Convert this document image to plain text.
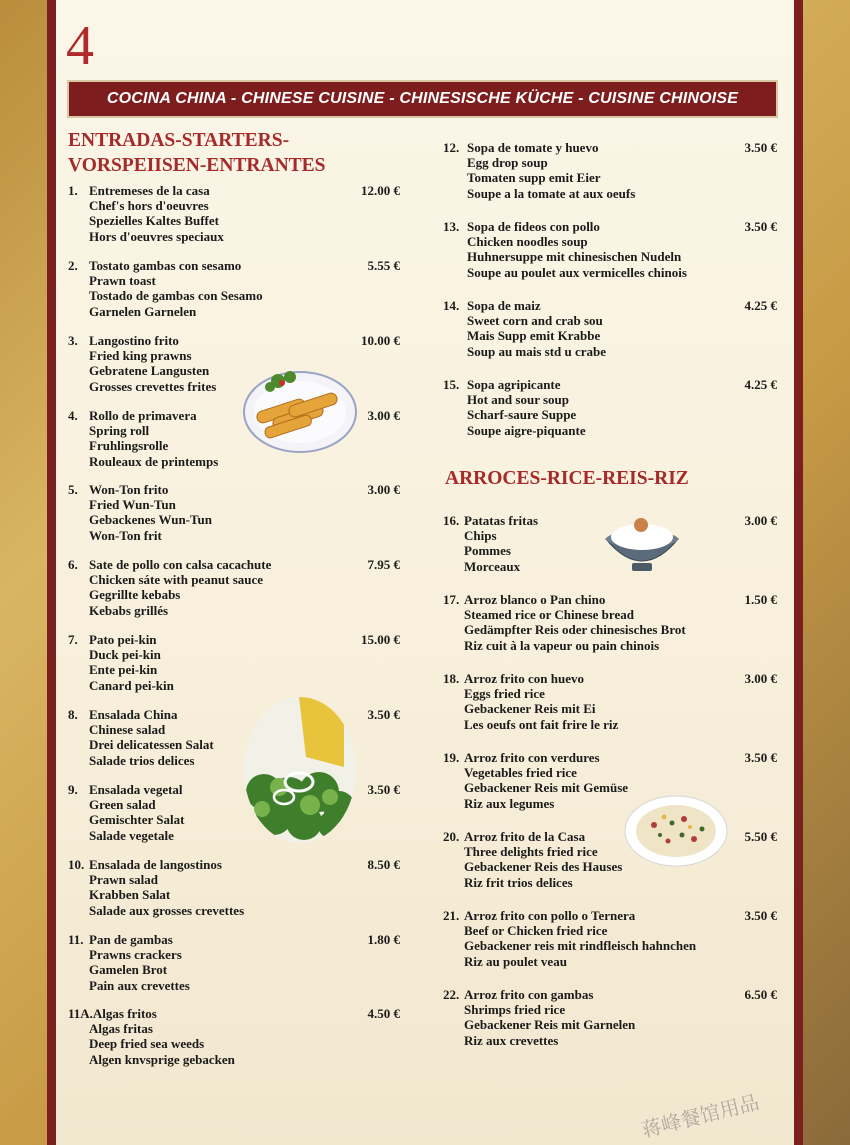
4
COCINA CHINA - CHINESE CUISINE - CHINESISCHE KÜCHE - CUISINE CHINOISE
ENTRADAS-STARTERS-
VORSPEIISEN-ENTRANTES
ARROCES-RICE-REIS-RIZ
蒋峰餐馆用品
1. Entremeses de la casa
Chef's hors d'oeuvres
Spezielles Kaltes Buffet
Hors d'oeuvres speciaux
12.00 €
2. Tostato gambas con sesamo
Prawn toast
Tostado de gambas con Sesamo
Garnelen Garnelen
5.55 €
3. Langostino frito
Fried king prawns
Gebratene Langusten
Grosses crevettes frites
10.00 €
4. Rollo de primavera
Spring roll
Fruhlingsrolle
Rouleaux de printemps
3.00 €
5. Won-Ton frito
Fried Wun-Tun
Gebackenes Wun-Tun
Won-Ton frit
3.00 €
6. Sate de pollo con calsa cacachute
Chicken sáte with peanut sauce
Gegrillte kebabs
Kebabs grillés
7.95 €
7. Pato pei-kin
Duck pei-kin
Ente pei-kin
Canard pei-kin
15.00 €
8. Ensalada China
Chinese salad
Drei delicatessen Salat
Salade trios delices
3.50 €
9. Ensalada vegetal
Green salad
Gemischter Salat
Salade vegetale
3.50 €
10. Ensalada de langostinos
Prawn salad
Krabben Salat
Salade aux grosses crevettes
8.50 €
11. Pan de gambas
Prawns crackers
Gamelen Brot
Pain aux crevettes
1.80 €
11A.Algas fritos
Algas fritas
Deep fried sea weeds
Algen knvsprige gebacken
4.50 €
12. Sopa de tomate y huevo
Egg drop soup
Tomaten supp emit Eier
Soupe a la tomate at aux oeufs
3.50 €
13. Sopa de fideos con pollo
Chicken noodles soup
Huhnersuppe mit chinesischen Nudeln
Soupe au poulet aux vermicelles chinois
3.50 €
14. Sopa de maiz
Sweet corn and crab sou
Mais Supp emit Krabbe
Soup au mais std u crabe
4.25 €
15. Sopa agripicante
Hot and sour soup
Scharf-saure Suppe
Soupe aigre-piquante
4.25 €
16. Patatas fritas
Chips
Pommes
Morceaux
3.00 €
17. Arroz blanco o Pan chino
Steamed rice or Chinese bread
Gedämpfter Reis oder chinesisches Brot
Riz cuit à la vapeur ou pain chinois
1.50 €
18. Arroz frito con huevo
Eggs fried rice
Gebackener Reis mit Ei
Les oeufs ont fait frire le riz
3.00 €
19. Arroz frito con verdures
Vegetables fried rice
Gebackener Reis mit Gemüse
Riz aux legumes
3.50 €
20. Arroz frito de la Casa
Three delights fried rice
Gebackener Reis des Hauses
Riz frit trios delices
5.50 €
21. Arroz frito con pollo o Ternera
Beef or Chicken fried rice
Gebackener reis mit rindfleisch hahnchen
Riz au poulet veau
3.50 €
22. Arroz frito con gambas
Shrimps fried rice
Gebackener Reis mit Garnelen
Riz aux crevettes
6.50 €
